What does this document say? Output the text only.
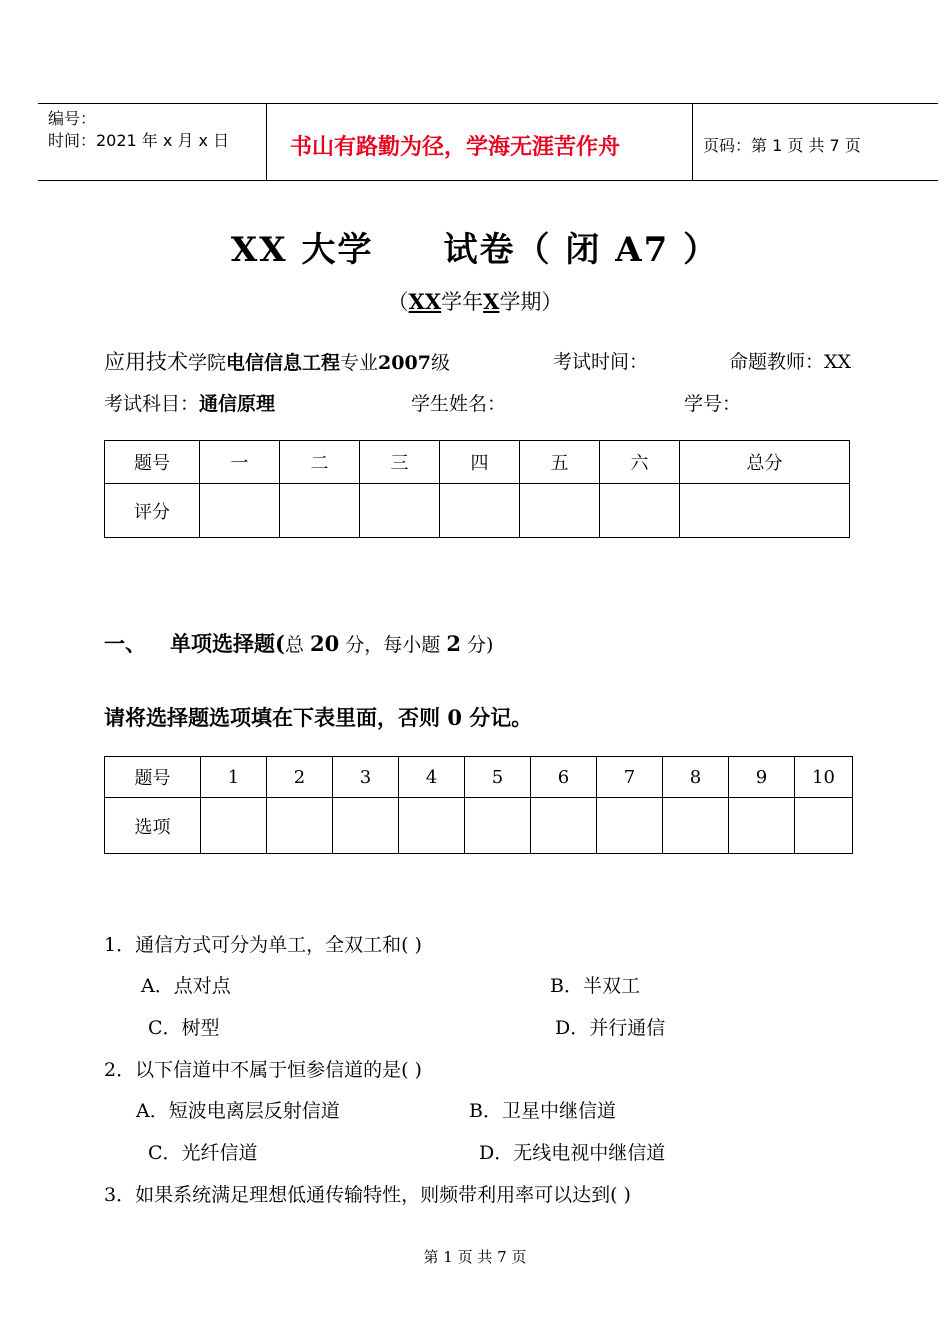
编号：
时间：2021 年 x 月 x 日	书山有路勤为径，学海无涯苦作舟	页码：第 1 页 共 7 页
XX 大学 试卷（ 闭 A7 ）
（XX学年X学期）
应用技术学院电信信息工程专业2007级	考试时间：	命题教师：XX
考试科目：通信原理	学生姓名：	学号：
题号	一	二	三	四	五	六	总分
评分							
一、 单项选择题(总 20 分，每小题 2 分)
请将选择题选项填在下表里面，否则 0 分记。
题号	1	2	3	4	5	6	7	8	9	10
选项										
1．通信方式可分为单工，全双工和( )
A．点对点	B．半双工
C．树型	D．并行通信
2．以下信道中不属于恒参信道的是( )
A．短波电离层反射信道	B．卫星中继信道
C．光纤信道	D．无线电视中继信道
3．如果系统满足理想低通传输特性，则频带利用率可以达到( )
第 1 页 共 7 页
